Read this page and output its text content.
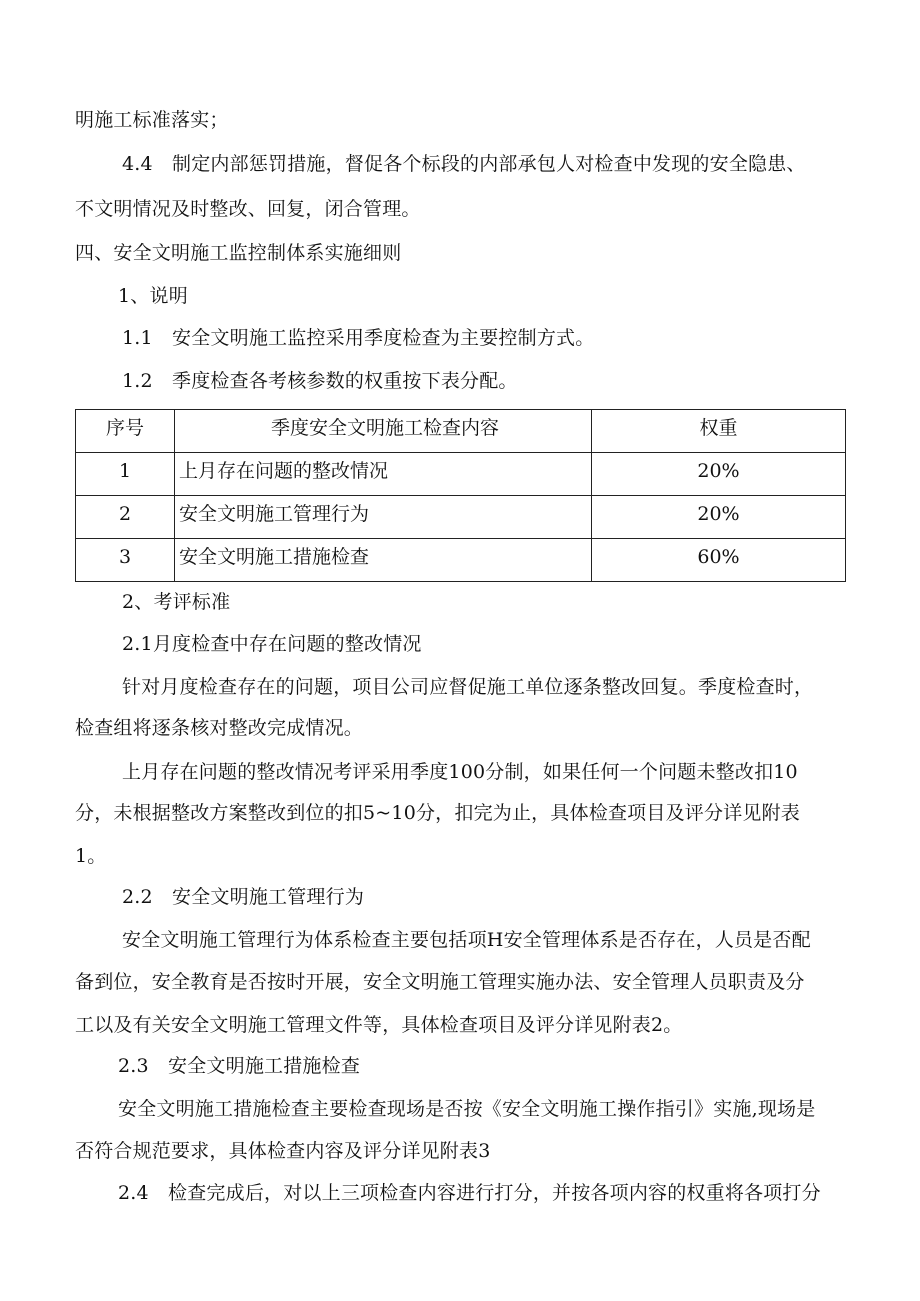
明施工标准落实；
4.4　制定内部惩罚措施，督促各个标段的内部承包人对检查中发现的安全隐患、
不文明情况及时整改、回复，闭合管理。
四、安全文明施工监控制体系实施细则
1、说明
1.1　安全文明施工监控采用季度检查为主要控制方式。
1.2　季度检查各考核参数的权重按下表分配。
序号	季度安全文明施工检查内容	权重
1	上月存在问题的整改情况	20%
2	安全文明施工管理行为	20%
3	安全文明施工措施检查	60%
2、考评标准
2.1月度检查中存在问题的整改情况
针对月度检查存在的问题，项目公司应督促施工单位逐条整改回复。季度检查时，
检查组将逐条核对整改完成情况。
上月存在问题的整改情况考评采用季度100分制，如果任何一个问题未整改扣10
分，未根据整改方案整改到位的扣5~10分，扣完为止，具体检查项目及评分详见附表
1。
2.2　安全文明施工管理行为
安全文明施工管理行为体系检查主要包括项H安全管理体系是否存在，人员是否配
备到位，安全教育是否按时开展，安全文明施工管理实施办法、安全管理人员职责及分
工以及有关安全文明施工管理文件等，具体检查项目及评分详见附表2。
2.3　安全文明施工措施检查
安全文明施工措施检查主要检查现场是否按《安全文明施工操作指引》实施,现场是
否符合规范要求，具体检查内容及评分详见附表3
2.4　检查完成后，对以上三项检查内容进行打分，并按各项内容的权重将各项打分
